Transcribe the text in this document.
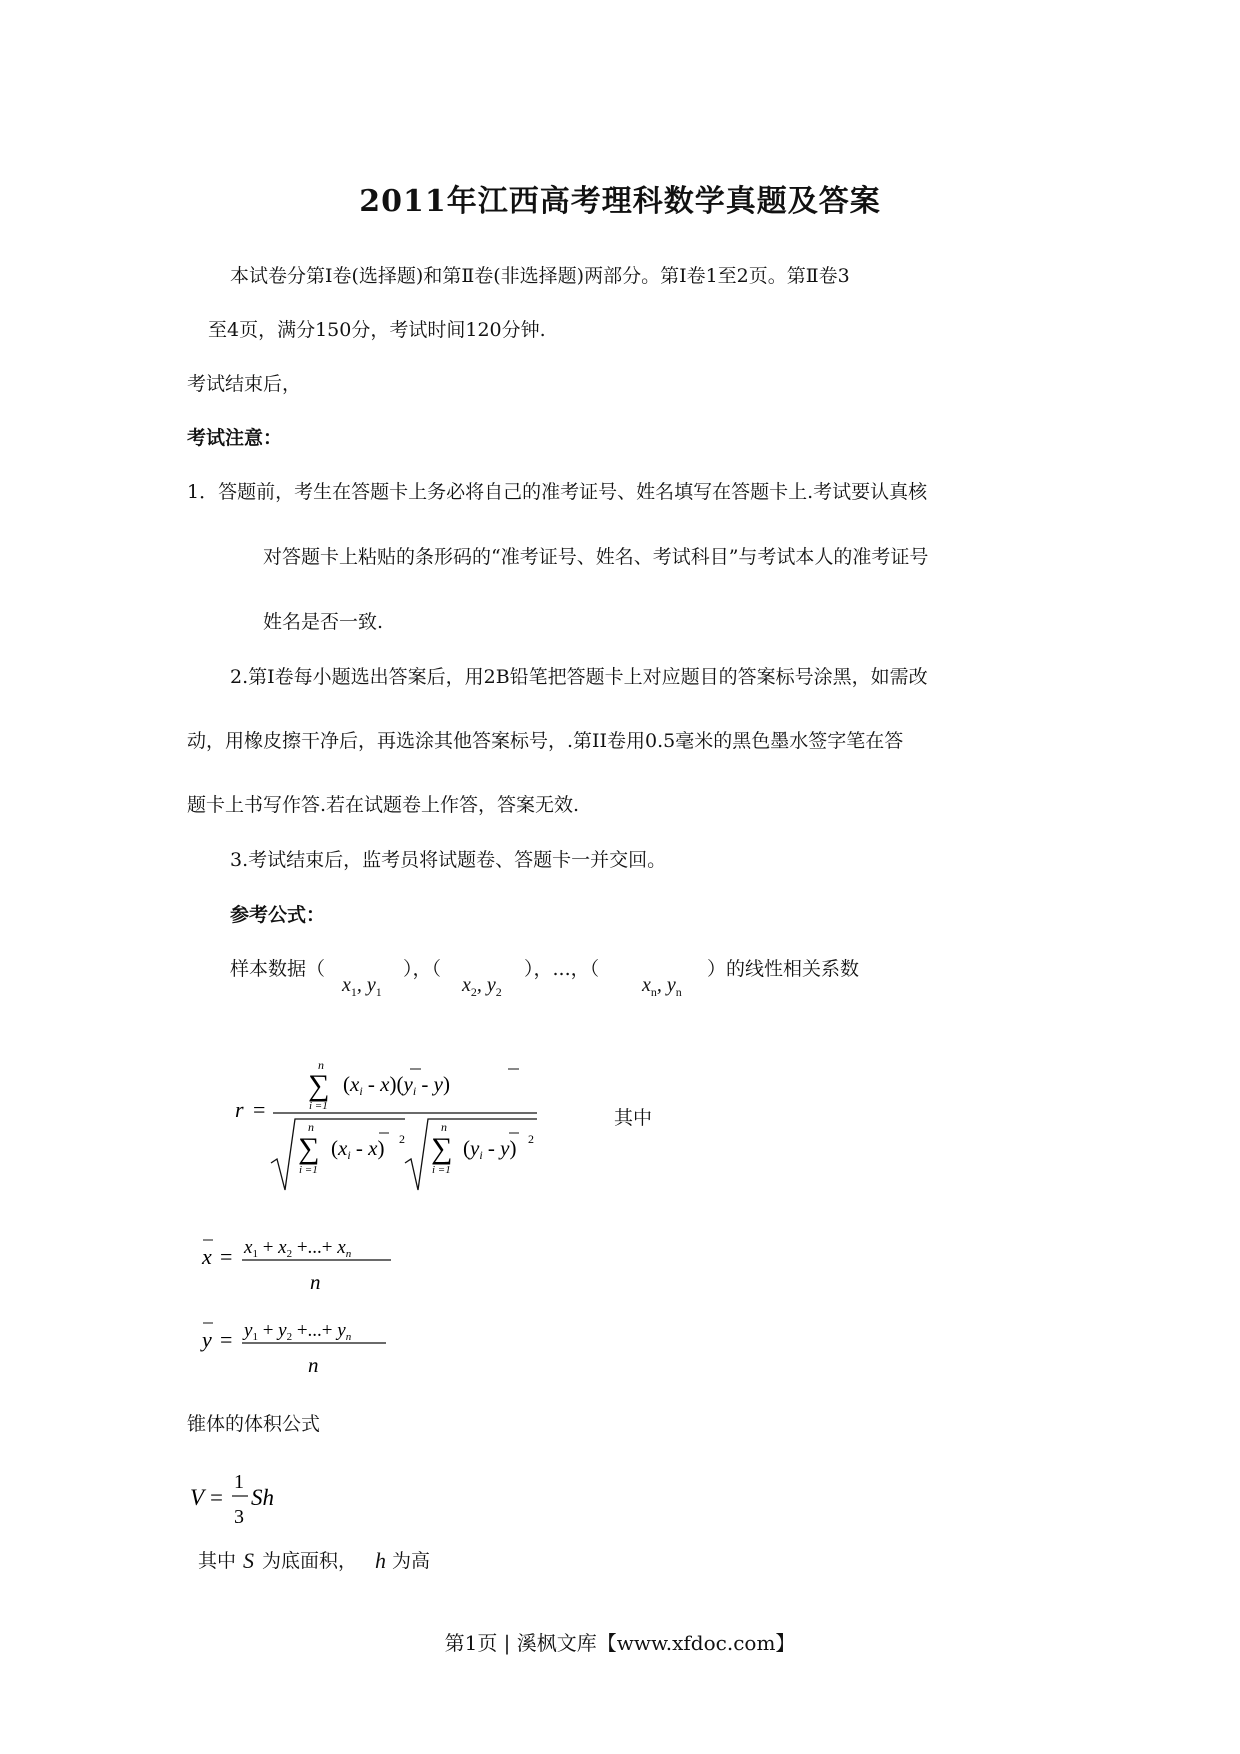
2011年江西高考理科数学真题及答案
本试卷分第Ⅰ卷(选择题)和第Ⅱ卷(非选择题)两部分。第Ⅰ卷1至2页。第Ⅱ卷3
至4页，满分150分，考试时间120分钟.
考试结束后，
考试注意：
1．答题前，考生在答题卡上务必将自己的准考证号、姓名填写在答题卡上.考试要认真核
对答题卡上粘贴的条形码的“准考证号、姓名、考试科目”与考试本人的准考证号
姓名是否一致.
2.第Ⅰ卷每小题选出答案后，用2B铅笔把答题卡上对应题目的答案标号涂黑，如需改
动，用橡皮擦干净后，再选涂其他答案标号，.第II卷用0.5毫米的黑色墨水签字笔在答
题卡上书写作答.若在试题卷上作答，答案无效.
3.考试结束后，监考员将试题卷、答题卡一并交回。
参考公式：
样本数据（
$x_1$, $y_1$
），（
$x_2$, $y_2$
），...，（
$x_n$, $y_n$
）的线性相关系数
r =
n
∑
i =1
(xi - x)(yi - y)
n
∑
i =1
(xi - x) 2
n
∑
i =1
(yi - y) 2
其中
$x = x_1 + x_2$ +...+ $x_n$
n
$y = y_1 + y_2$ +...+ $y_n$
n
锥体的体积公式
V =
1
3
Sh
其中 S 为底面积， h 为高
第1页 | 溪枫文库【www.xfdoc.com】
